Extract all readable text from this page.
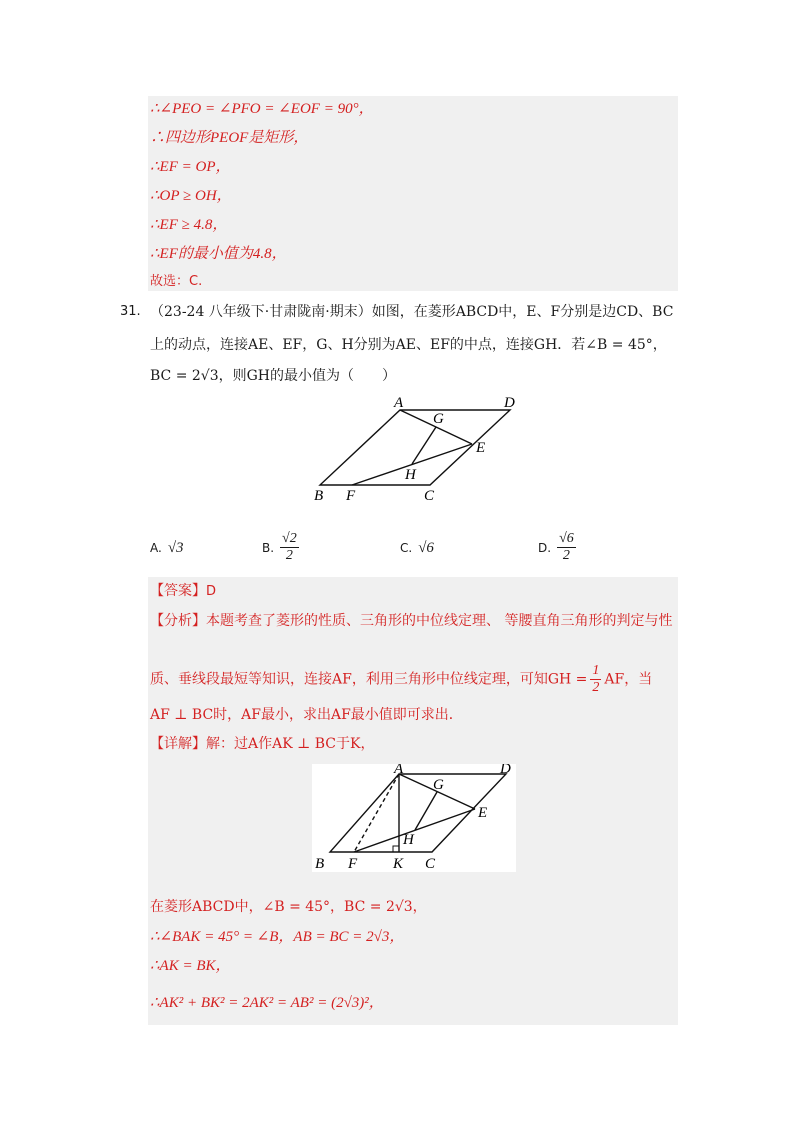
∴∠PEO = ∠PFO = ∠EOF = 90°，
∴四边形PEOF是矩形，
∴EF = OP，
∴OP ≥ OH，
∴EF ≥ 4.8，
∴EF的最小值为4.8，
故选：C.
31. （23-24 八年级下·甘肃陇南·期末）如图，在菱形ABCD中，E、F分别是边CD、BC
上的动点，连接AE、EF，G、H分别为AE、EF的中点，连接GH．若∠B = 45°，
BC = 2√3，则GH的最小值为（　　）
A	D
G
E
H
B F	C
A. √3	B. $\frac{√2}{2}$	C. √6	D. $\frac{√6}{2}$
【答案】D
【分析】本题考查了菱形的性质、三角形的中位线定理、 等腰直角三角形的判定与性
质、垂线段最短等知识，连接AF，利用三角形中位线定理，可知GH = $\frac{1}{2}$ AF，当
AF ⊥ BC时，AF最小，求出AF最小值即可求出．
【详解】解：过A作AK ⊥ BC于K，
A	D
G
E
H
B F K C
在菱形ABCD中，∠B = 45°，BC = 2√3，
∴∠BAK = 45° = ∠B，AB = BC = 2√3，
∴AK = BK，
∴AK² + BK² = 2AK² = AB² = (2√3)²，
